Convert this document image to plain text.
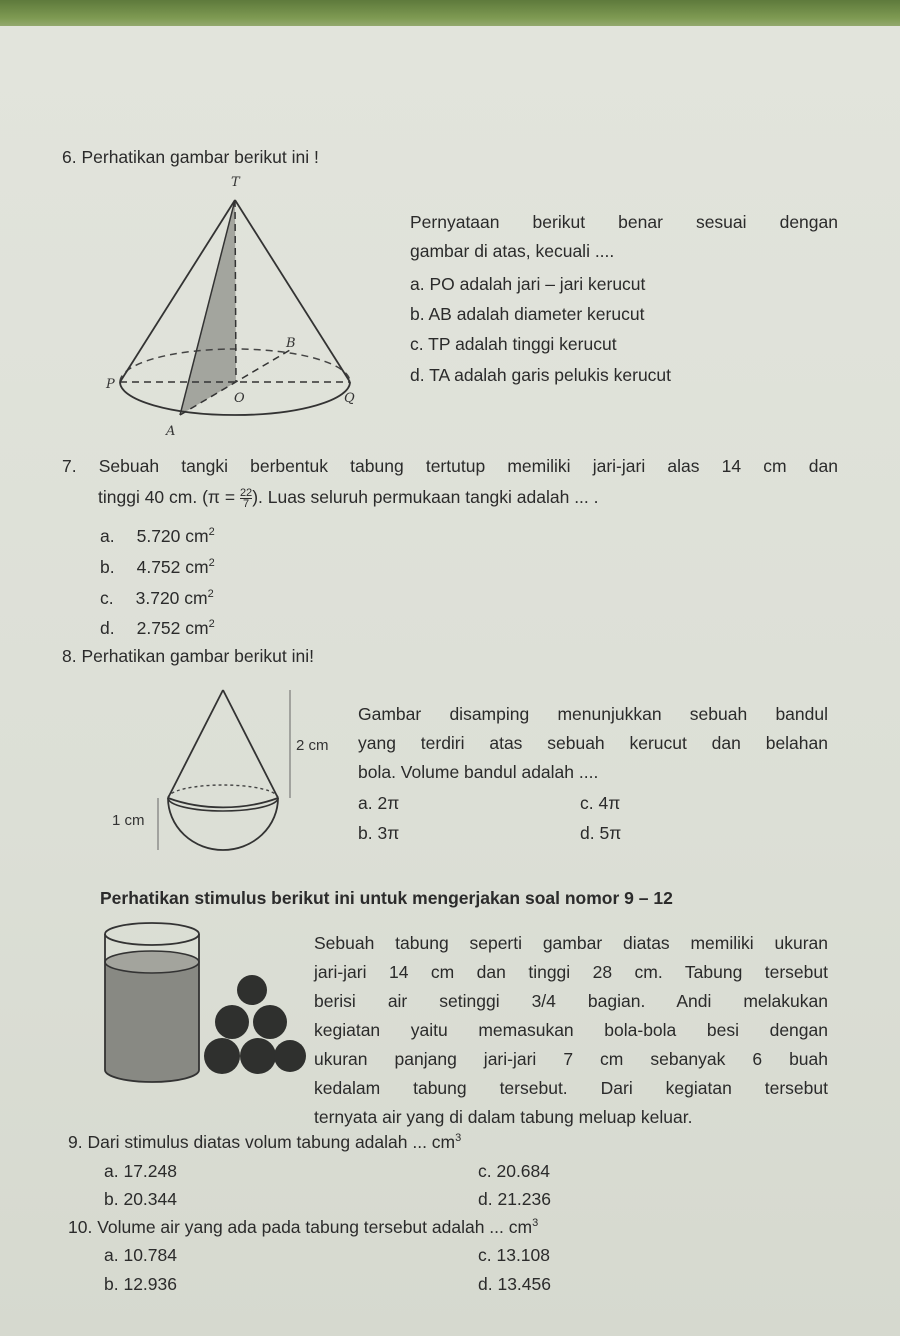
6. Perhatikan gambar berikut ini !
T
B
P
O	Q
A
Pernyataan berikut benar sesuai dengan
gambar di atas, kecuali ....
a. PO adalah jari – jari kerucut
b. AB adalah diameter kerucut
c. TP adalah tinggi kerucut
d. TA adalah garis pelukis kerucut
7. Sebuah tangki berbentuk tabung tertutup memiliki jari-jari alas 14 cm dan
tinggi 40 cm. ($\pi = \frac{22}{7}$ ). Luas seluruh permukaan tangki adalah ... .
a. 5.720 $cm^2$
b. 4.752 $cm^2$
c. 3.720 $cm^2$
d. 2.752 $cm^2$
8. Perhatikan gambar berikut ini!
2 cm
1 cm
Gambar disamping menunjukkan sebuah bandul
yang terdiri atas sebuah kerucut dan belahan
bola. Volume bandul adalah ....
a. 2π	c. 4π
b. 3π	d. 5π
Perhatikan stimulus berikut ini untuk mengerjakan soal nomor 9 – 12
Sebuah tabung seperti gambar diatas memiliki ukuran
jari-jari 14 cm dan tinggi 28 cm. Tabung tersebut
berisi air setinggi 3/4 bagian. Andi melakukan
kegiatan yaitu memasukan bola-bola besi dengan
ukuran panjang jari-jari 7 cm sebanyak 6 buah
kedalam tabung tersebut. Dari kegiatan tersebut
ternyata air yang di dalam tabung meluap keluar.
9. Dari stimulus diatas volum tabung adalah ... $cm^3$
a. 17.248	c. 20.684
b. 20.344	d. 21.236
10. Volume air yang ada pada tabung tersebut adalah ... $cm^3$
a. 10.784	c. 13.108
b. 12.936	d. 13.456
